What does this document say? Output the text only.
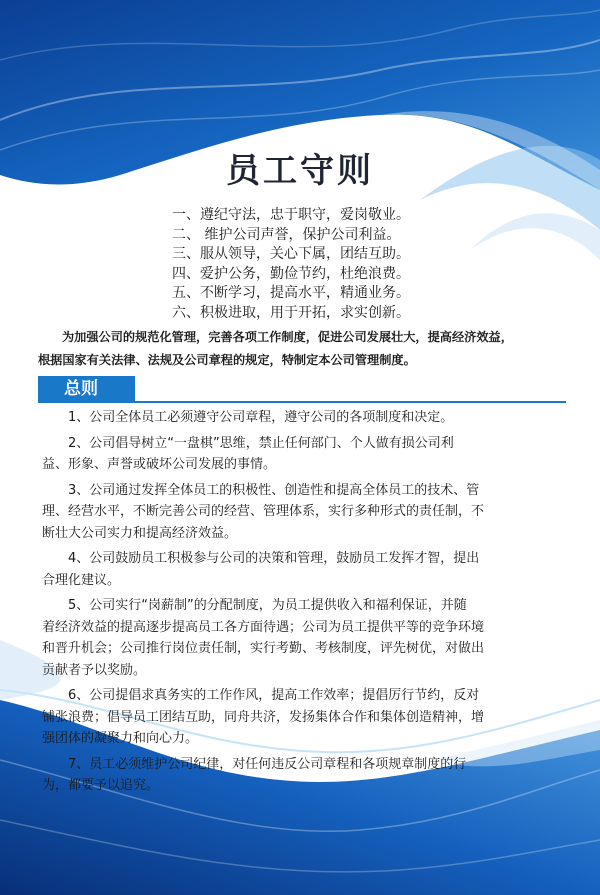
员工守则
一、遵纪守法，忠于职守，爱岗敬业。
二、 维护公司声誉，保护公司利益。
三、服从领导，关心下属，团结互助。
四、爱护公务，勤俭节约，杜绝浪费。
五、不断学习，提高水平，精通业务。
六、积极进取，用于开拓，求实创新。

为加强公司的规范化管理，完善各项工作制度，促进公司发展壮大，提高经济效益，

根据国家有关法律、法规及公司章程的规定，特制定本公司管理制度。

总则

1、公司全体员工必须遵守公司章程，遵守公司的各项制度和决定。

2、公司倡导树立“一盘棋”思维，禁止任何部门、个人做有损公司利
益、形象、声誉或破坏公司发展的事情。

3、公司通过发挥全体员工的积极性、创造性和提高全体员工的技术、管
理、经营水平，不断完善公司的经营、管理体系，实行多种形式的责任制，不
断壮大公司实力和提高经济效益。

4、公司鼓励员工积极参与公司的决策和管理，鼓励员工发挥才智，提出
合理化建议。

5、公司实行“岗薪制”的分配制度，为员工提供收入和福利保证，并随
着经济效益的提高逐步提高员工各方面待遇；公司为员工提供平等的竞争环境
和晋升机会；公司推行岗位责任制，实行考勤、考核制度，评先树优，对做出
贡献者予以奖励。

6、公司提倡求真务实的工作作风，提高工作效率；提倡厉行节约，反对
铺张浪费；倡导员工团结互助，同舟共济，发扬集体合作和集体创造精神，增
强团体的凝聚力和向心力。

7、员工必须维护公司纪律，对任何违反公司章程和各项规章制度的行
为，都要予以追究。
